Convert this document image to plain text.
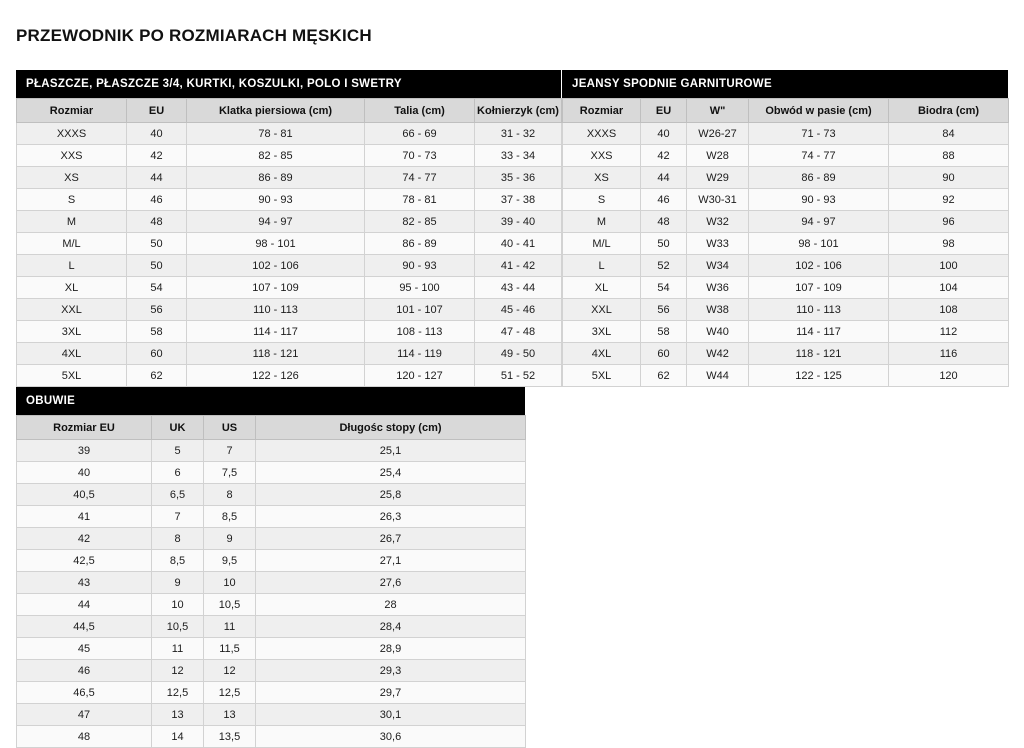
PRZEWODNIK PO ROZMIARACH MĘSKICH
PŁASZCZE, PŁASZCZE 3/4, KURTKI, KOSZULKI, POLO I SWETRY
Rozmiar	EU	Klatka piersiowa (cm)	Talia (cm)	Kołnierzyk (cm)
XXXS	40	78 - 81	66 - 69	31 - 32
XXS	42	82 - 85	70 - 73	33 - 34
XS	44	86 - 89	74 - 77	35 - 36
S	46	90 - 93	78 - 81	37 - 38
M	48	94 - 97	82 - 85	39 - 40
M/L	50	98 - 101	86 - 89	40 - 41
L	50	102 - 106	90 - 93	41 - 42
XL	54	107 - 109	95 - 100	43 - 44
XXL	56	110 - 113	101 - 107	45 - 46
3XL	58	114 - 117	108 - 113	47 - 48
4XL	60	118 - 121	114 - 119	49 - 50
5XL	62	122 - 126	120 - 127	51 - 52
JEANSY SPODNIE GARNITUROWE
Rozmiar	EU	W"	Obwód w pasie (cm)	Biodra (cm)
XXXS	40	W26-27	71 - 73	84
XXS	42	W28	74 - 77	88
XS	44	W29	86 - 89	90
S	46	W30-31	90 - 93	92
M	48	W32	94 - 97	96
M/L	50	W33	98 - 101	98
L	52	W34	102 - 106	100
XL	54	W36	107 - 109	104
XXL	56	W38	110 - 113	108
3XL	58	W40	114 - 117	112
4XL	60	W42	118 - 121	116
5XL	62	W44	122 - 125	120
OBUWIE
Rozmiar EU	UK	US	Długośc stopy (cm)
39	5	7	25,1
40	6	7,5	25,4
40,5	6,5	8	25,8
41	7	8,5	26,3
42	8	9	26,7
42,5	8,5	9,5	27,1
43	9	10	27,6
44	10	10,5	28
44,5	10,5	11	28,4
45	11	11,5	28,9
46	12	12	29,3
46,5	12,5	12,5	29,7
47	13	13	30,1
48	14	13,5	30,6
